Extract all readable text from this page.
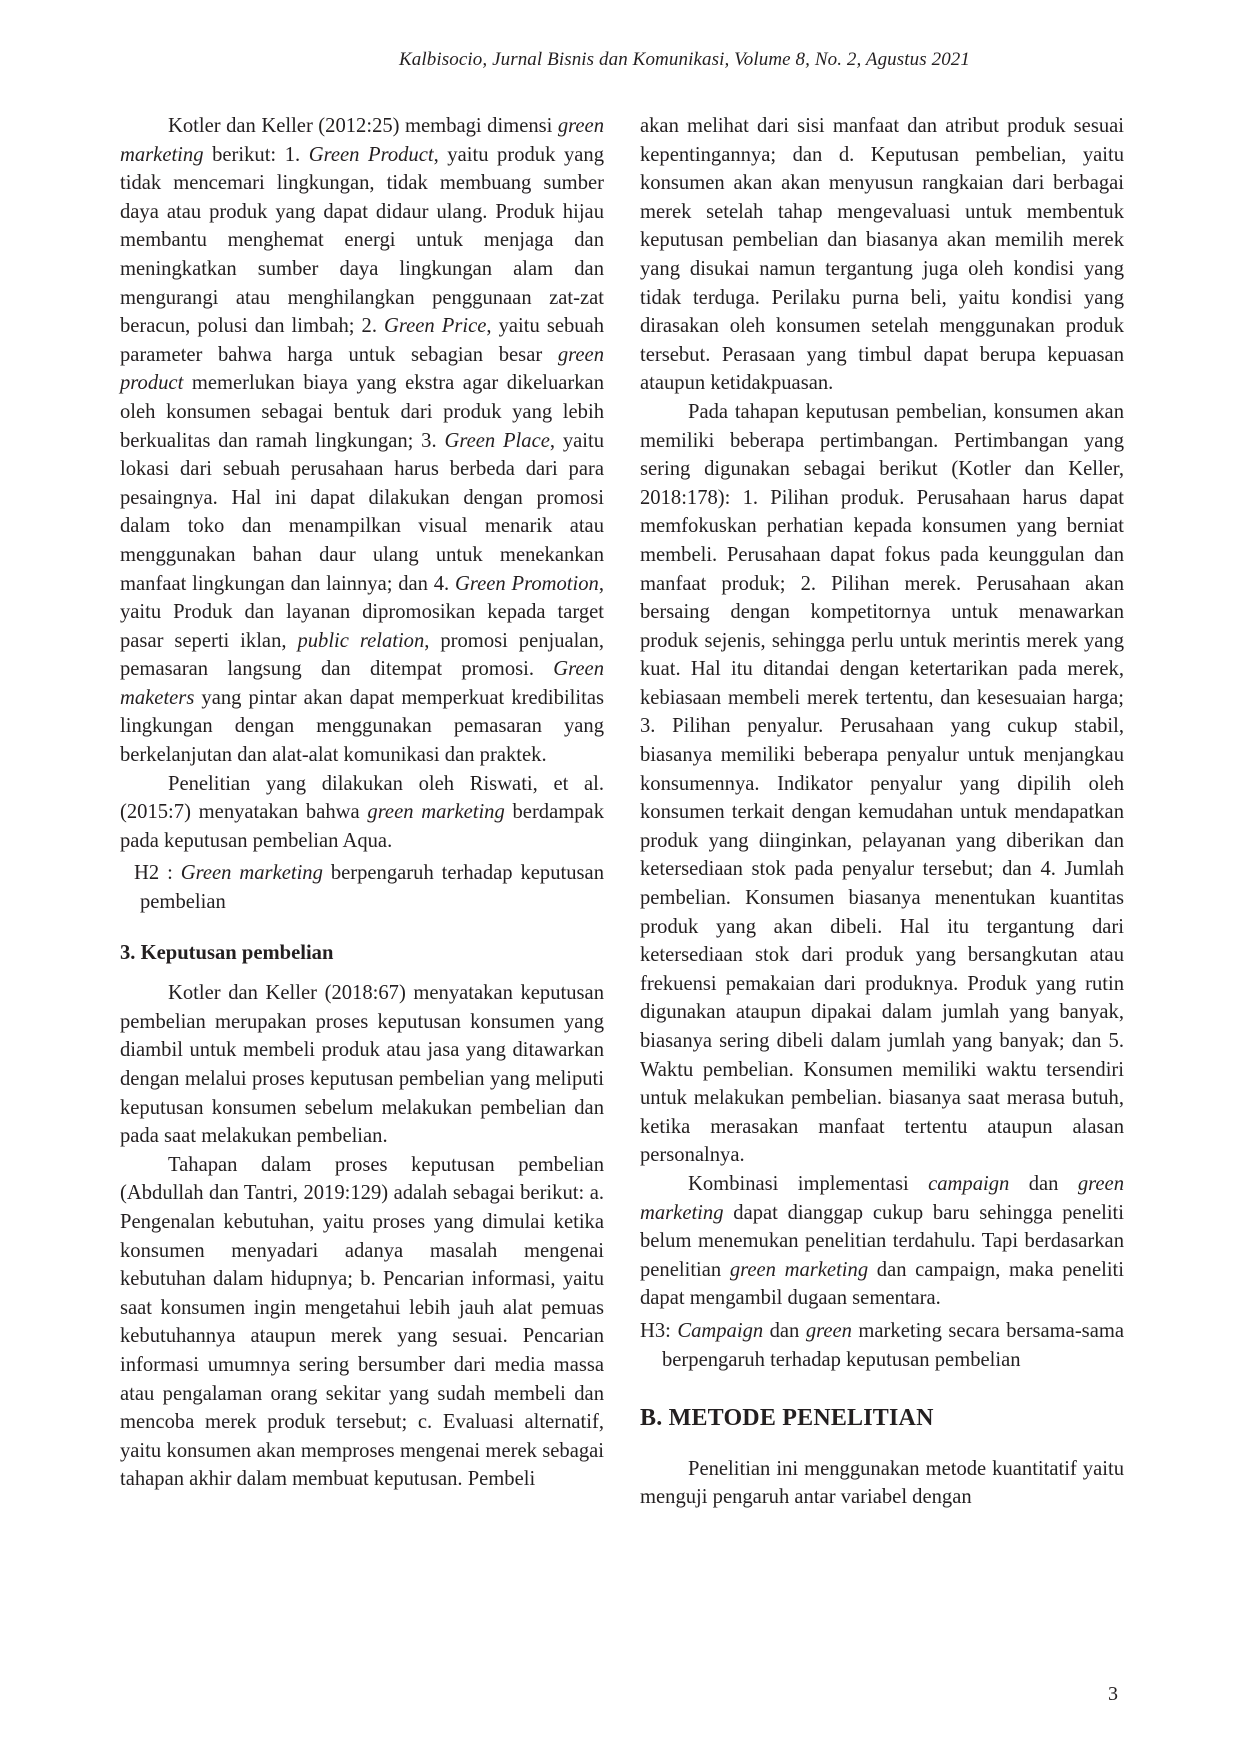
Kalbisocio, Jurnal Bisnis dan Komunikasi, Volume 8, No. 2, Agustus 2021

Kotler dan Keller (2012:25) membagi dimensi green marketing berikut: 1. Green Product, yaitu produk yang tidak mencemari lingkungan, tidak membuang sumber daya atau produk yang dapat didaur ulang. Produk hijau membantu menghemat energi untuk menjaga dan meningkatkan sumber daya lingkungan alam dan mengurangi atau menghilangkan penggunaan zat-zat beracun, polusi dan limbah; 2. Green Price, yaitu sebuah parameter bahwa harga untuk sebagian besar green product memerlukan biaya yang ekstra agar dikeluarkan oleh konsumen sebagai bentuk dari produk yang lebih berkualitas dan ramah lingkungan; 3. Green Place, yaitu lokasi dari sebuah perusahaan harus berbeda dari para pesaingnya. Hal ini dapat dilakukan dengan promosi dalam toko dan menampilkan visual menarik atau menggunakan bahan daur ulang untuk menekankan manfaat lingkungan dan lainnya; dan 4. Green Promotion, yaitu Produk dan layanan dipromosikan kepada target pasar seperti iklan, public relation, promosi penjualan, pemasaran langsung dan ditempat promosi. Green maketers yang pintar akan dapat memperkuat kredibilitas lingkungan dengan menggunakan pemasaran yang berkelanjutan dan alat-alat komunikasi dan praktek.

Penelitian yang dilakukan oleh Riswati, et al. (2015:7) menyatakan bahwa green marketing berdampak pada keputusan pembelian Aqua.

H2 : Green marketing berpengaruh terhadap keputusan pembelian

3. Keputusan pembelian

Kotler dan Keller (2018:67) menyatakan keputusan pembelian merupakan proses keputusan konsumen yang diambil untuk membeli produk atau jasa yang ditawarkan dengan melalui proses keputusan pembelian yang meliputi keputusan konsumen sebelum melakukan pembelian dan pada saat melakukan pembelian.

Tahapan dalam proses keputusan pembelian (Abdullah dan Tantri, 2019:129) adalah sebagai berikut: a. Pengenalan kebutuhan, yaitu proses yang dimulai ketika konsumen menyadari adanya masalah mengenai kebutuhan dalam hidupnya; b. Pencarian informasi, yaitu saat konsumen ingin mengetahui lebih jauh alat pemuas kebutuhannya ataupun merek yang sesuai. Pencarian informasi umumnya sering bersumber dari media massa atau pengalaman orang sekitar yang sudah membeli dan mencoba merek produk tersebut; c. Evaluasi alternatif, yaitu konsumen akan memproses mengenai merek sebagai tahapan akhir dalam membuat keputusan. Pembeli

akan melihat dari sisi manfaat dan atribut produk sesuai kepentingannya; dan d. Keputusan pembelian, yaitu konsumen akan akan menyusun rangkaian dari berbagai merek setelah tahap mengevaluasi untuk membentuk keputusan pembelian dan biasanya akan memilih merek yang disukai namun tergantung juga oleh kondisi yang tidak terduga. Perilaku purna beli, yaitu kondisi yang dirasakan oleh konsumen setelah menggunakan produk tersebut. Perasaan yang timbul dapat berupa kepuasan ataupun ketidakpuasan.

Pada tahapan keputusan pembelian, konsumen akan memiliki beberapa pertimbangan. Pertimbangan yang sering digunakan sebagai berikut (Kotler dan Keller, 2018:178): 1. Pilihan produk. Perusahaan harus dapat memfokuskan perhatian kepada konsumen yang berniat membeli. Perusahaan dapat fokus pada keunggulan dan manfaat produk; 2. Pilihan merek. Perusahaan akan bersaing dengan kompetitornya untuk menawarkan produk sejenis, sehingga perlu untuk merintis merek yang kuat. Hal itu ditandai dengan ketertarikan pada merek, kebiasaan membeli merek tertentu, dan kesesuaian harga; 3. Pilihan penyalur. Perusahaan yang cukup stabil, biasanya memiliki beberapa penyalur untuk menjangkau konsumennya. Indikator penyalur yang dipilih oleh konsumen terkait dengan kemudahan untuk mendapatkan produk yang diinginkan, pelayanan yang diberikan dan ketersediaan stok pada penyalur tersebut; dan 4. Jumlah pembelian. Konsumen biasanya menentukan kuantitas produk yang akan dibeli. Hal itu tergantung dari ketersediaan stok dari produk yang bersangkutan atau frekuensi pemakaian dari produknya. Produk yang rutin digunakan ataupun dipakai dalam jumlah yang banyak, biasanya sering dibeli dalam jumlah yang banyak; dan 5. Waktu pembelian. Konsumen memiliki waktu tersendiri untuk melakukan pembelian. biasanya saat merasa butuh, ketika merasakan manfaat tertentu ataupun alasan personalnya.

Kombinasi implementasi campaign dan green marketing dapat dianggap cukup baru sehingga peneliti belum menemukan penelitian terdahulu. Tapi berdasarkan penelitian green marketing dan campaign, maka peneliti dapat mengambil dugaan sementara.

H3: Campaign dan green marketing secara bersama-sama berpengaruh terhadap keputusan pembelian

B. METODE PENELITIAN

Penelitian ini menggunakan metode kuantitatif yaitu menguji pengaruh antar variabel dengan

3
